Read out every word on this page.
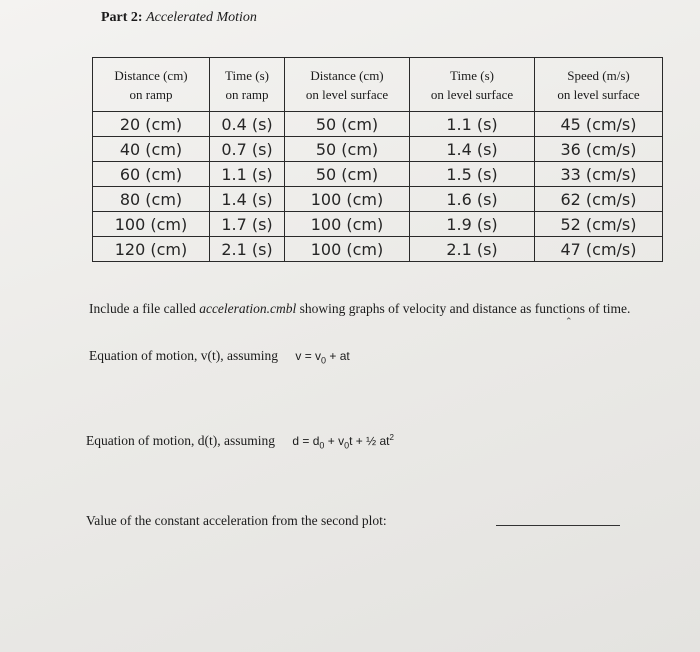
Part 2: Accelerated Motion
Distance (cm)	Time (s)	Distance (cm)	Time (s)	Speed (m/s)
on ramp	on ramp	on level surface	on level surface	on level surface
20 (cm)	0.4 (s)	50 (cm)	1.1 (s)	45 (cm/s)
40 (cm)	0.7 (s)	50 (cm)	1.4 (s)	36 (cm/s)
60 (cm)	1.1 (s)	50 (cm)	1.5 (s)	33 (cm/s)
80 (cm)	1.4 (s)	100 (cm)	1.6 (s)	62 (cm/s)
100 (cm)	1.7 (s)	100 (cm)	1.9 (s)	52 (cm/s)
120 (cm)	2.1 (s)	100 (cm)	2.1 (s)	47 (cm/s)
Include a file called acceleration.cmbl showing graphs of velocity and distance as functions of time.
⌃
Equation of motion, v(t), assuming $v = v_0$ + at
Equation of motion, d(t), assuming $d = d_0 + v_0t$ + ½ $at^2$
Value of the constant acceleration from the second plot:
